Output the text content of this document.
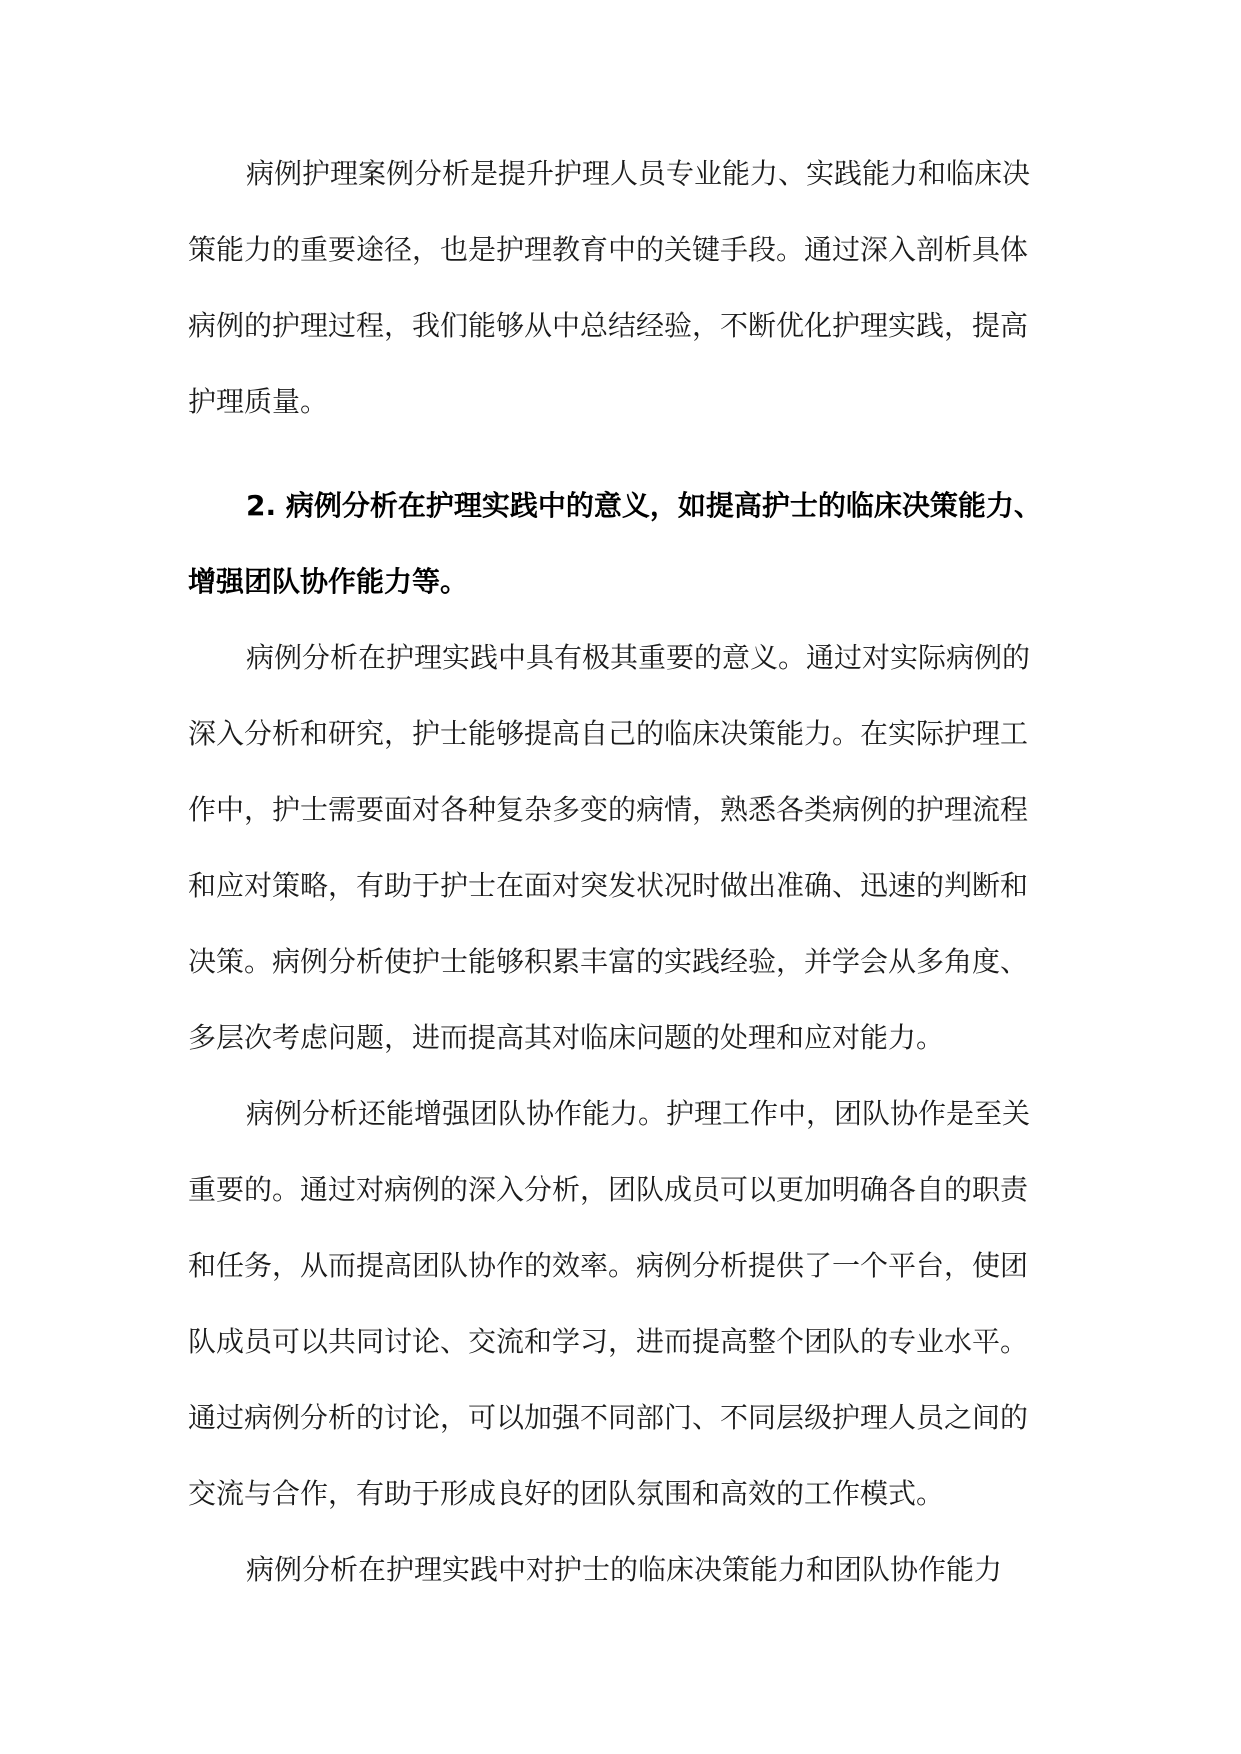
病例护理案例分析是提升护理人员专业能力、实践能力和临床决

策能力的重要途径，也是护理教育中的关键手段。通过深入剖析具体

病例的护理过程，我们能够从中总结经验，不断优化护理实践，提高

护理质量。

2. 病例分析在护理实践中的意义，如提高护士的临床决策能力、

增强团队协作能力等。

病例分析在护理实践中具有极其重要的意义。通过对实际病例的

深入分析和研究，护士能够提高自己的临床决策能力。在实际护理工

作中，护士需要面对各种复杂多变的病情，熟悉各类病例的护理流程

和应对策略，有助于护士在面对突发状况时做出准确、迅速的判断和

决策。病例分析使护士能够积累丰富的实践经验，并学会从多角度、

多层次考虑问题，进而提高其对临床问题的处理和应对能力。

病例分析还能增强团队协作能力。护理工作中，团队协作是至关

重要的。通过对病例的深入分析，团队成员可以更加明确各自的职责

和任务，从而提高团队协作的效率。病例分析提供了一个平台，使团

队成员可以共同讨论、交流和学习，进而提高整个团队的专业水平。

通过病例分析的讨论，可以加强不同部门、不同层级护理人员之间的

交流与合作，有助于形成良好的团队氛围和高效的工作模式。

病例分析在护理实践中对护士的临床决策能力和团队协作能力
